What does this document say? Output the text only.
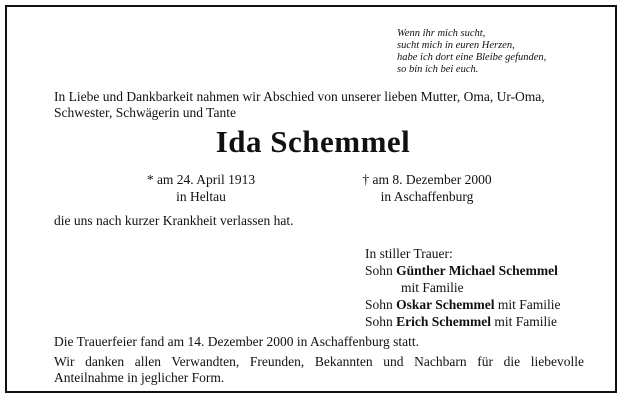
Wenn ihr mich sucht,
sucht mich in euren Herzen,
habe ich dort eine Bleibe gefunden,
so bin ich bei euch.
In Liebe und Dankbarkeit nahmen wir Abschied von unserer lieben Mutter, Oma, Ur-Oma,
Schwester, Schwägerin und Tante
Ida Schemmel
* am 24. April 1913
in Heltau
† am 8. Dezember 2000
in Aschaffenburg
die uns nach kurzer Krankheit verlassen hat.
In stiller Trauer:
Sohn Günther Michael Schemmel
mit Familie
Sohn Oskar Schemmel mit Familie
Sohn Erich Schemmel mit Familie
Die Trauerfeier fand am 14. Dezember 2000 in Aschaffenburg statt.
Wir danken allen Verwandten, Freunden, Bekannten und Nachbarn für die liebevolle
Anteilnahme in jeglicher Form.
